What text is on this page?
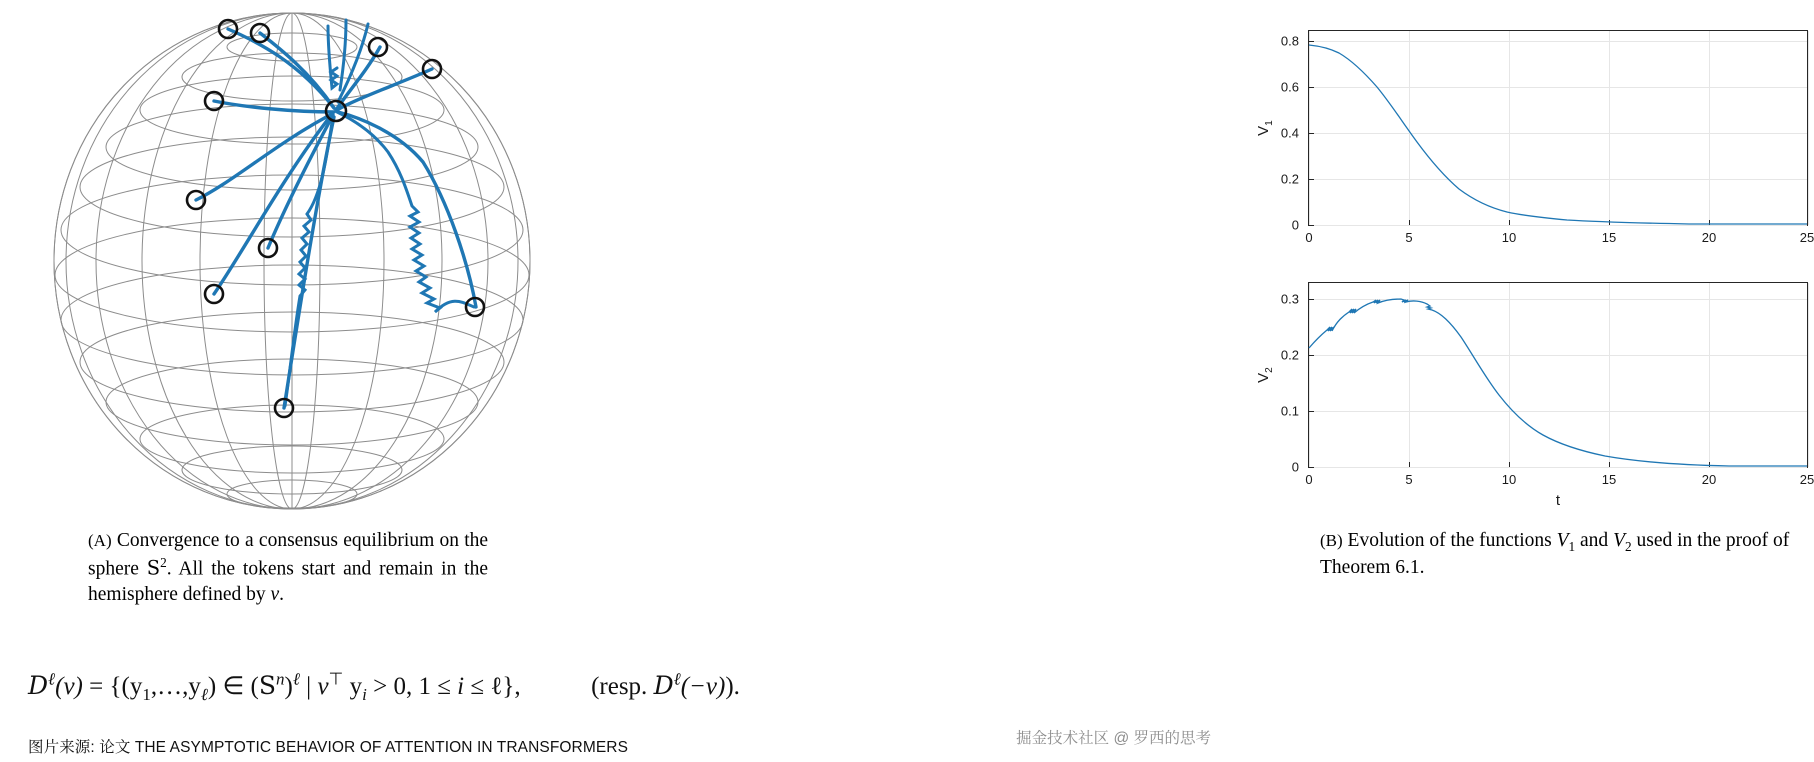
(A) Convergence to a consensus equilibrium on the sphere $S^2$. All the tokens start and remain in the hemisphere defined by v.
0	5	10	15	20	25
0
0.2
0.4
0.6
0.8
$V_1$
0	5	10	15	20	25
0
0.1
0.2
0.3
$V_2$
t
(B) Evolution of the functions $V_1$ and $V_2$ used in the proof of Theorem 6.1.
$D^\ell(v)$ = {$(y_1,\dots,y_\ell)$ ∈ $(S^n)^\ell$ | v⊤ $y_i > 0$, 1 ≤ i ≤ ℓ},	(resp. $D^\ell(-v)$).
图片来源: 论文 THE ASYMPTOTIC BEHAVIOR OF ATTENTION IN TRANSFORMERS
掘金技术社区 @ 罗西的思考
